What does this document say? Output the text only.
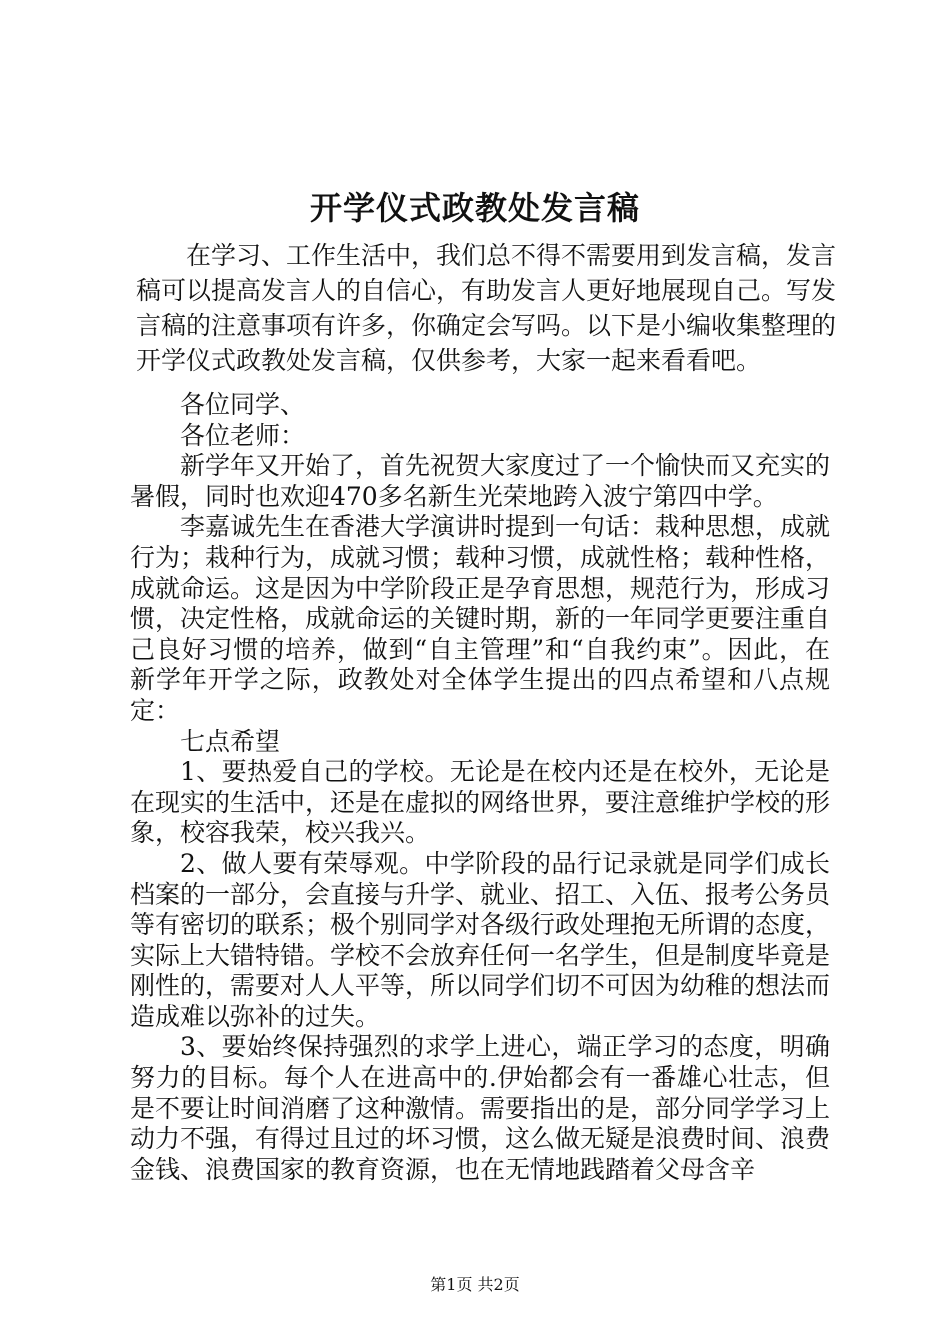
开学仪式政教处发言稿

在学习、工作生活中，我们总不得不需要用到发言稿，发言稿可以提高发言人的自信心，有助发言人更好地展现自己。写发言稿的注意事项有许多，你确定会写吗。以下是小编收集整理的开学仪式政教处发言稿，仅供参考，大家一起来看看吧。

各位同学、

各位老师：

新学年又开始了，首先祝贺大家度过了一个愉快而又充实的暑假，同时也欢迎470多名新生光荣地跨入波宁第四中学。

李嘉诚先生在香港大学演讲时提到一句话：栽种思想，成就行为；栽种行为，成就习惯；载种习惯，成就性格；载种性格，成就命运。这是因为中学阶段正是孕育思想，规范行为，形成习惯，决定性格，成就命运的关键时期，新的一年同学更要注重自己良好习惯的培养，做到“自主管理”和“自我约束”。因此，在新学年开学之际，政教处对全体学生提出的四点希望和八点规定：

七点希望

1、要热爱自己的学校。无论是在校内还是在校外，无论是在现实的生活中，还是在虚拟的网络世界，要注意维护学校的形象，校容我荣，校兴我兴。

2、做人要有荣辱观。中学阶段的品行记录就是同学们成长档案的一部分，会直接与升学、就业、招工、入伍、报考公务员等有密切的联系；极个别同学对各级行政处理抱无所谓的态度，实际上大错特错。学校不会放弃任何一名学生，但是制度毕竟是刚性的，需要对人人平等，所以同学们切不可因为幼稚的想法而造成难以弥补的过失。

3、要始终保持强烈的求学上进心，端正学习的态度，明确努力的目标。每个人在进高中的.伊始都会有一番雄心壮志，但是不要让时间消磨了这种激情。需要指出的是，部分同学学习上动力不强，有得过且过的坏习惯，这么做无疑是浪费时间、浪费金钱、浪费国家的教育资源，也在无情地践踏着父母含辛

第1页 共2页
